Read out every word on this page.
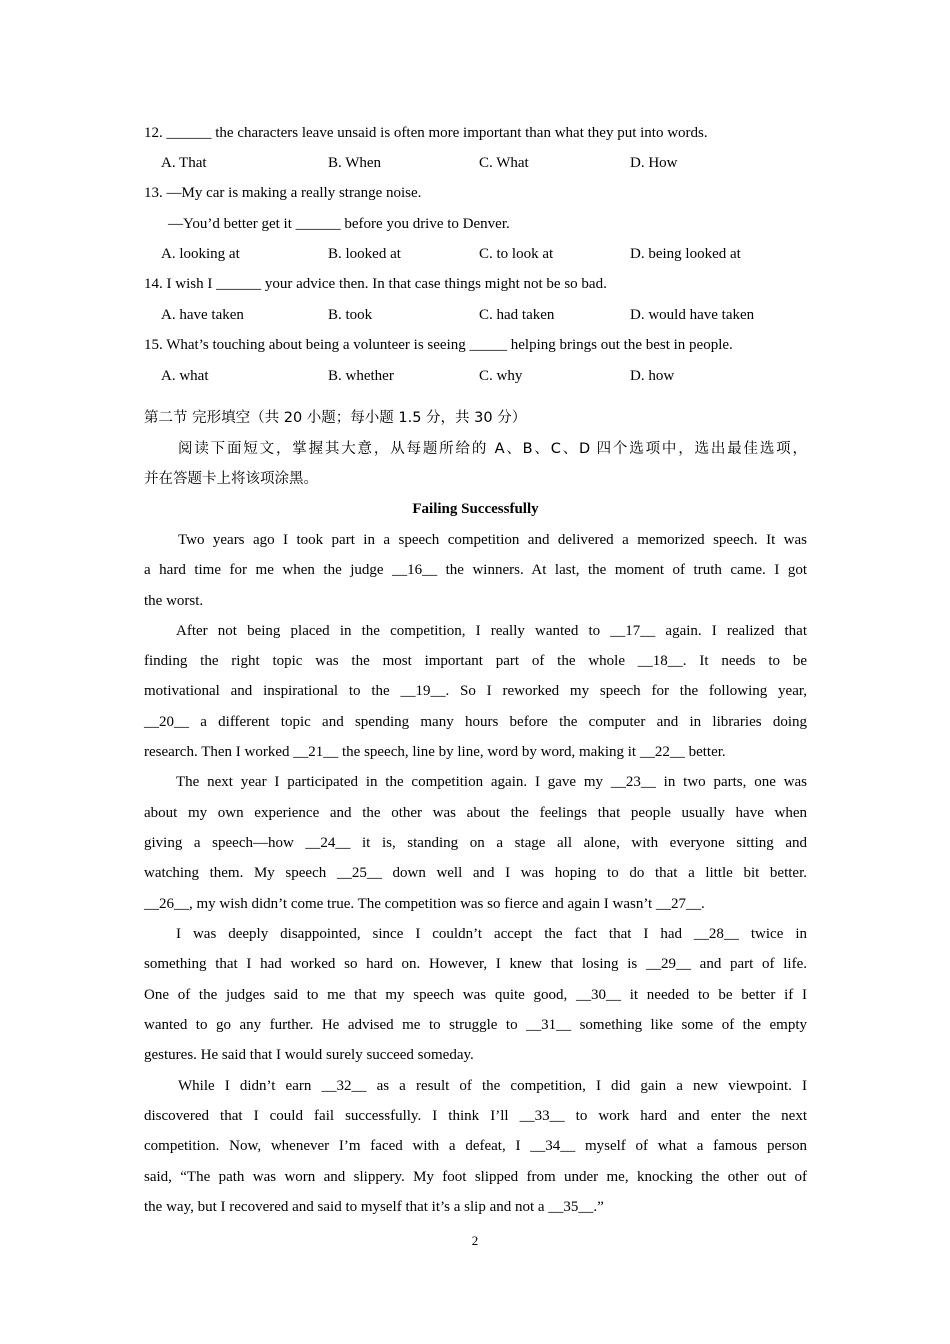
12. ______ the characters leave unsaid is often more important than what they put into words.
A. That	B. When	C. What	D. How
13. —My car is making a really strange noise.
—You’d better get it ______ before you drive to Denver.
A. looking at	B. looked at	C. to look at	D. being looked at
14. I wish I ______ your advice then. In that case things might not be so bad.
A. have taken	B. took	C. had taken	D. would have taken
15. What’s touching about being a volunteer is seeing _____ helping brings out the best in people.
A. what	B. whether	C. why	D. how
第二节 完形填空（共 20 小题；每小题 1.5 分，共 30 分）
阅读下面短文，掌握其大意，从每题所给的 A、B、C、D 四个选项中，选出最佳选项，
并在答题卡上将该项涂黑。
Failing Successfully
Two years ago I took part in a speech competition and delivered a memorized speech. It was
a hard time for me when the judge __16__ the winners. At last, the moment of truth came. I got
the worst.
After not being placed in the competition, I really wanted to __17__ again. I realized that
finding the right topic was the most important part of the whole __18__. It needs to be
motivational and inspirational to the __19__. So I reworked my speech for the following year,
__20__ a different topic and spending many hours before the computer and in libraries doing
research. Then I worked __21__ the speech, line by line, word by word, making it __22__ better.
The next year I participated in the competition again. I gave my __23__ in two parts, one was
about my own experience and the other was about the feelings that people usually have when
giving a speech—how __24__ it is, standing on a stage all alone, with everyone sitting and
watching them. My speech __25__ down well and I was hoping to do that a little bit better.
__26__, my wish didn’t come true. The competition was so fierce and again I wasn’t __27__.
I was deeply disappointed, since I couldn’t accept the fact that I had __28__ twice in
something that I had worked so hard on. However, I knew that losing is __29__ and part of life.
One of the judges said to me that my speech was quite good, __30__ it needed to be better if I
wanted to go any further. He advised me to struggle to __31__ something like some of the empty
gestures. He said that I would surely succeed someday.
While I didn’t earn __32__ as a result of the competition, I did gain a new viewpoint. I
discovered that I could fail successfully. I think I’ll __33__ to work hard and enter the next
competition. Now, whenever I’m faced with a defeat, I __34__ myself of what a famous person
said, “The path was worn and slippery. My foot slipped from under me, knocking the other out of
the way, but I recovered and said to myself that it’s a slip and not a __35__.”
2
